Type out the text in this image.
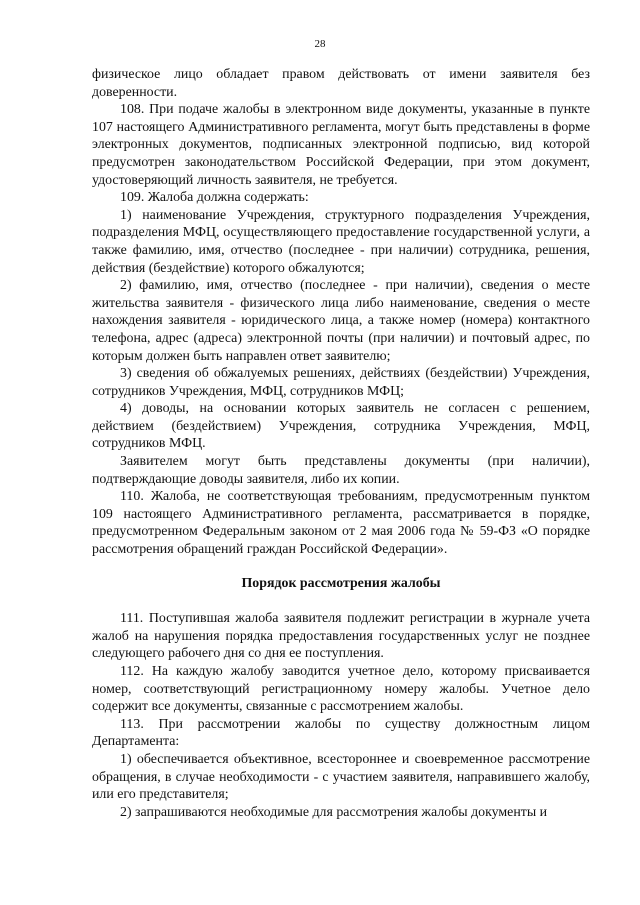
28

физическое лицо обладает правом действовать от имени заявителя без доверенности.

108. При подаче жалобы в электронном виде документы, указанные в пункте 107 настоящего Административного регламента, могут быть представлены в форме электронных документов, подписанных электронной подписью, вид которой предусмотрен законодательством Российской Федерации, при этом документ, удостоверяющий личность заявителя, не требуется.

109. Жалоба должна содержать:

1) наименование Учреждения, структурного подразделения Учреждения, подразделения МФЦ, осуществляющего предоставление государственной услуги, а также фамилию, имя, отчество (последнее - при наличии) сотрудника, решения, действия (бездействие) которого обжалуются;

2) фамилию, имя, отчество (последнее - при наличии), сведения о месте жительства заявителя - физического лица либо наименование, сведения о месте нахождения заявителя - юридического лица, а также номер (номера) контактного телефона, адрес (адреса) электронной почты (при наличии) и почтовый адрес, по которым должен быть направлен ответ заявителю;

3) сведения об обжалуемых решениях, действиях (бездействии) Учреждения, сотрудников Учреждения, МФЦ, сотрудников МФЦ;

4) доводы, на основании которых заявитель не согласен с решением, действием (бездействием) Учреждения, сотрудника Учреждения, МФЦ, сотрудников МФЦ.

Заявителем могут быть представлены документы (при наличии), подтверждающие доводы заявителя, либо их копии.

110. Жалоба, не соответствующая требованиям, предусмотренным пунктом 109 настоящего Административного регламента, рассматривается в порядке, предусмотренном Федеральным законом от 2 мая 2006 года № 59-ФЗ «О порядке рассмотрения обращений граждан Российской Федерации».

Порядок рассмотрения жалобы

111. Поступившая жалоба заявителя подлежит регистрации в журнале учета жалоб на нарушения порядка предоставления государственных услуг не позднее следующего рабочего дня со дня ее поступления.

112. На каждую жалобу заводится учетное дело, которому присваивается номер, соответствующий регистрационному номеру жалобы. Учетное дело содержит все документы, связанные с рассмотрением жалобы.

113. При рассмотрении жалобы по существу должностным лицом Департамента:

1) обеспечивается объективное, всестороннее и своевременное рассмотрение обращения, в случае необходимости - с участием заявителя, направившего жалобу, или его представителя;

2) запрашиваются необходимые для рассмотрения жалобы документы и
